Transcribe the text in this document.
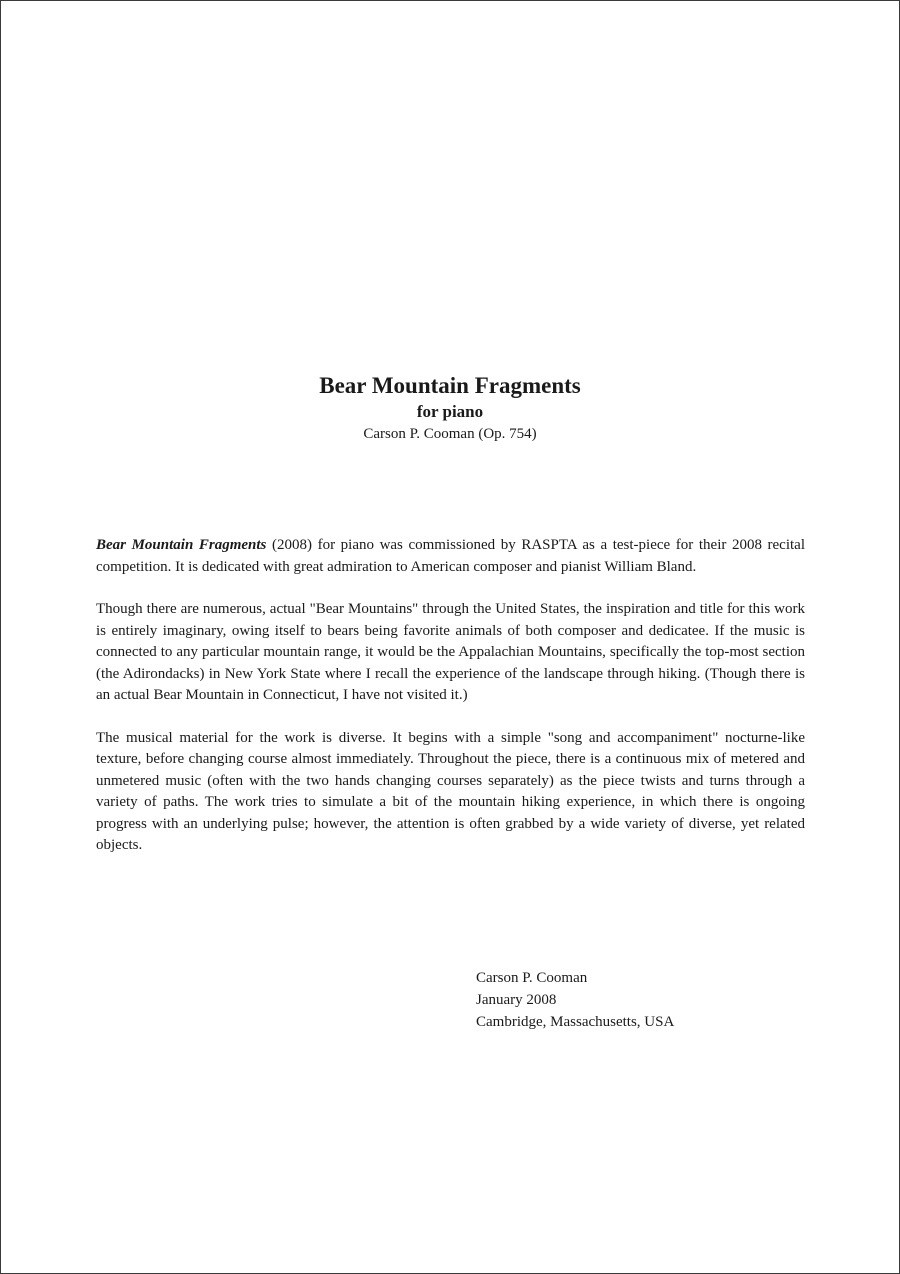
Bear Mountain Fragments
for piano
Carson P. Cooman (Op. 754)

Bear Mountain Fragments (2008) for piano was commissioned by RASPTA as a test-piece for their 2008 recital competition. It is dedicated with great admiration to American composer and pianist William Bland.

Though there are numerous, actual "Bear Mountains" through the United States, the inspiration and title for this work is entirely imaginary, owing itself to bears being favorite animals of both composer and dedicatee. If the music is connected to any particular mountain range, it would be the Appalachian Mountains, specifically the top-most section (the Adirondacks) in New York State where I recall the experience of the landscape through hiking. (Though there is an actual Bear Mountain in Connecticut, I have not visited it.)

The musical material for the work is diverse. It begins with a simple "song and accompaniment" nocturne-like texture, before changing course almost immediately. Throughout the piece, there is a continuous mix of metered and unmetered music (often with the two hands changing courses separately) as the piece twists and turns through a variety of paths. The work tries to simulate a bit of the mountain hiking experience, in which there is ongoing progress with an underlying pulse; however, the attention is often grabbed by a wide variety of diverse, yet related objects.

Carson P. Cooman
January 2008
Cambridge, Massachusetts, USA
